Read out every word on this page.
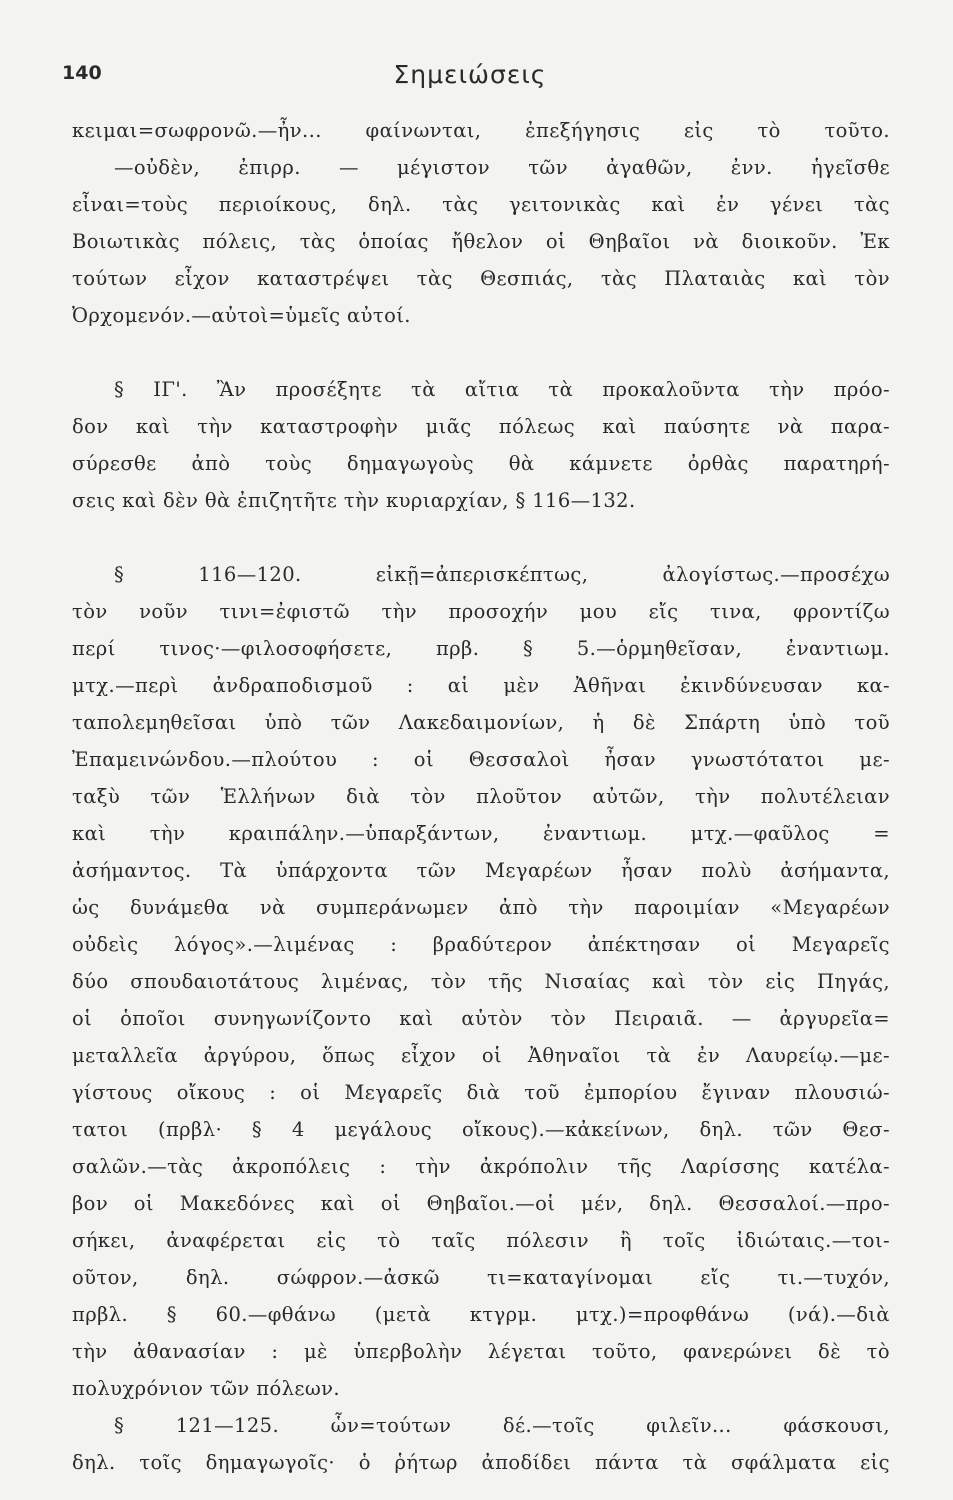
140	Σημειώσεις
κειμαι=σωφρονῶ.—ἦν... φαίνωνται, ἐπεξήγησις εἰς τὸ τοῦτο.
—οὐδὲν, ἐπιρρ. — μέγιστον τῶν ἀγαθῶν, ἐνν. ἡγεῖσθε
εἶναι=τοὺς περιοίκους, δηλ. τὰς γειτονικὰς καὶ ἐν γένει τὰς
Βοιωτικὰς πόλεις, τὰς ὁποίας ἤθελον οἱ Θηβαῖοι νὰ διοικοῦν. Ἐκ
τούτων εἶχον καταστρέψει τὰς Θεσπιάς, τὰς Πλαταιὰς καὶ τὸν
Ὀρχομενόν.—αὐτοὶ=ὑμεῖς αὐτοί.
§ ΙΓ'. Ἂν προσέξητε τὰ αἴτια τὰ προκαλοῦντα τὴν πρόο-
δον καὶ τὴν καταστροφὴν μιᾶς πόλεως καὶ παύσητε νὰ παρα-
σύρεσθε ἀπὸ τοὺς δημαγωγοὺς θὰ κάμνετε ὀρθὰς παρατηρή-
σεις καὶ δὲν θὰ ἐπιζητῆτε τὴν κυριαρχίαν, § 116—132.
§ 116—120. εἰκῇ=ἀπερισκέπτως, ἀλογίστως.—προσέχω
τὸν νοῦν τινι=ἐφιστῶ τὴν προσοχήν μου εἴς τινα, φροντίζω
περί τινος·—φιλοσοφήσετε, πρβ. § 5.—ὁρμηθεῖσαν, ἐναντιωμ.
μτχ.—περὶ ἀνδραποδισμοῦ : αἱ μὲν Ἀθῆναι ἐκινδύνευσαν κα-
ταπολεμηθεῖσαι ὑπὸ τῶν Λακεδαιμονίων, ἡ δὲ Σπάρτη ὑπὸ τοῦ
Ἐπαμεινώνδου.—πλούτου : οἱ Θεσσαλοὶ ἦσαν γνωστότατοι με-
ταξὺ τῶν Ἑλλήνων διὰ τὸν πλοῦτον αὐτῶν, τὴν πολυτέλειαν
καὶ τὴν κραιπάλην.—ὑπαρξάντων, ἐναντιωμ. μτχ.—φαῦλος =
ἀσήμαντος. Τὰ ὑπάρχοντα τῶν Μεγαρέων ἦσαν πολὺ ἀσήμαντα,
ὡς δυνάμεθα νὰ συμπεράνωμεν ἀπὸ τὴν παροιμίαν «Μεγαρέων
οὐδεὶς λόγος».—λιμένας : βραδύτερον ἀπέκτησαν οἱ Μεγαρεῖς
δύο σπουδαιοτάτους λιμένας, τὸν τῆς Νισαίας καὶ τὸν εἰς Πηγάς,
οἱ ὁποῖοι συνηγωνίζοντο καὶ αὐτὸν τὸν Πειραιᾶ. — ἀργυρεῖα=
μεταλλεῖα ἀργύρου, ὅπως εἶχον οἱ Ἀθηναῖοι τὰ ἐν Λαυρείῳ.—με-
γίστους οἴκους : οἱ Μεγαρεῖς διὰ τοῦ ἐμπορίου ἔγιναν πλουσιώ-
τατοι (πρβλ· § 4 μεγάλους οἴκους).—κἀκείνων, δηλ. τῶν Θεσ-
σαλῶν.—τὰς ἀκροπόλεις : τὴν ἀκρόπολιν τῆς Λαρίσσης κατέλα-
βον οἱ Μακεδόνες καὶ οἱ Θηβαῖοι.—οἱ μέν, δηλ. Θεσσαλοί.—προ-
σήκει, ἀναφέρεται εἰς τὸ ταῖς πόλεσιν ἢ τοῖς ἰδιώταις.—τοι-
οῦτον, δηλ. σώφρον.—ἀσκῶ τι=καταγίνομαι εἴς τι.—τυχόν,
πρβλ. § 60.—φθάνω (μετὰ κτγρμ. μτχ.)=προφθάνω (νά).—διὰ
τὴν ἀθανασίαν : μὲ ὑπερβολὴν λέγεται τοῦτο, φανερώνει δὲ τὸ
πολυχρόνιον τῶν πόλεων.
§ 121—125. ὧν=τούτων δέ.—τοῖς φιλεῖν... φάσκουσι,
δηλ. τοῖς δημαγωγοῖς· ὁ ῥήτωρ ἀποδίδει πάντα τὰ σφάλματα εἰς
